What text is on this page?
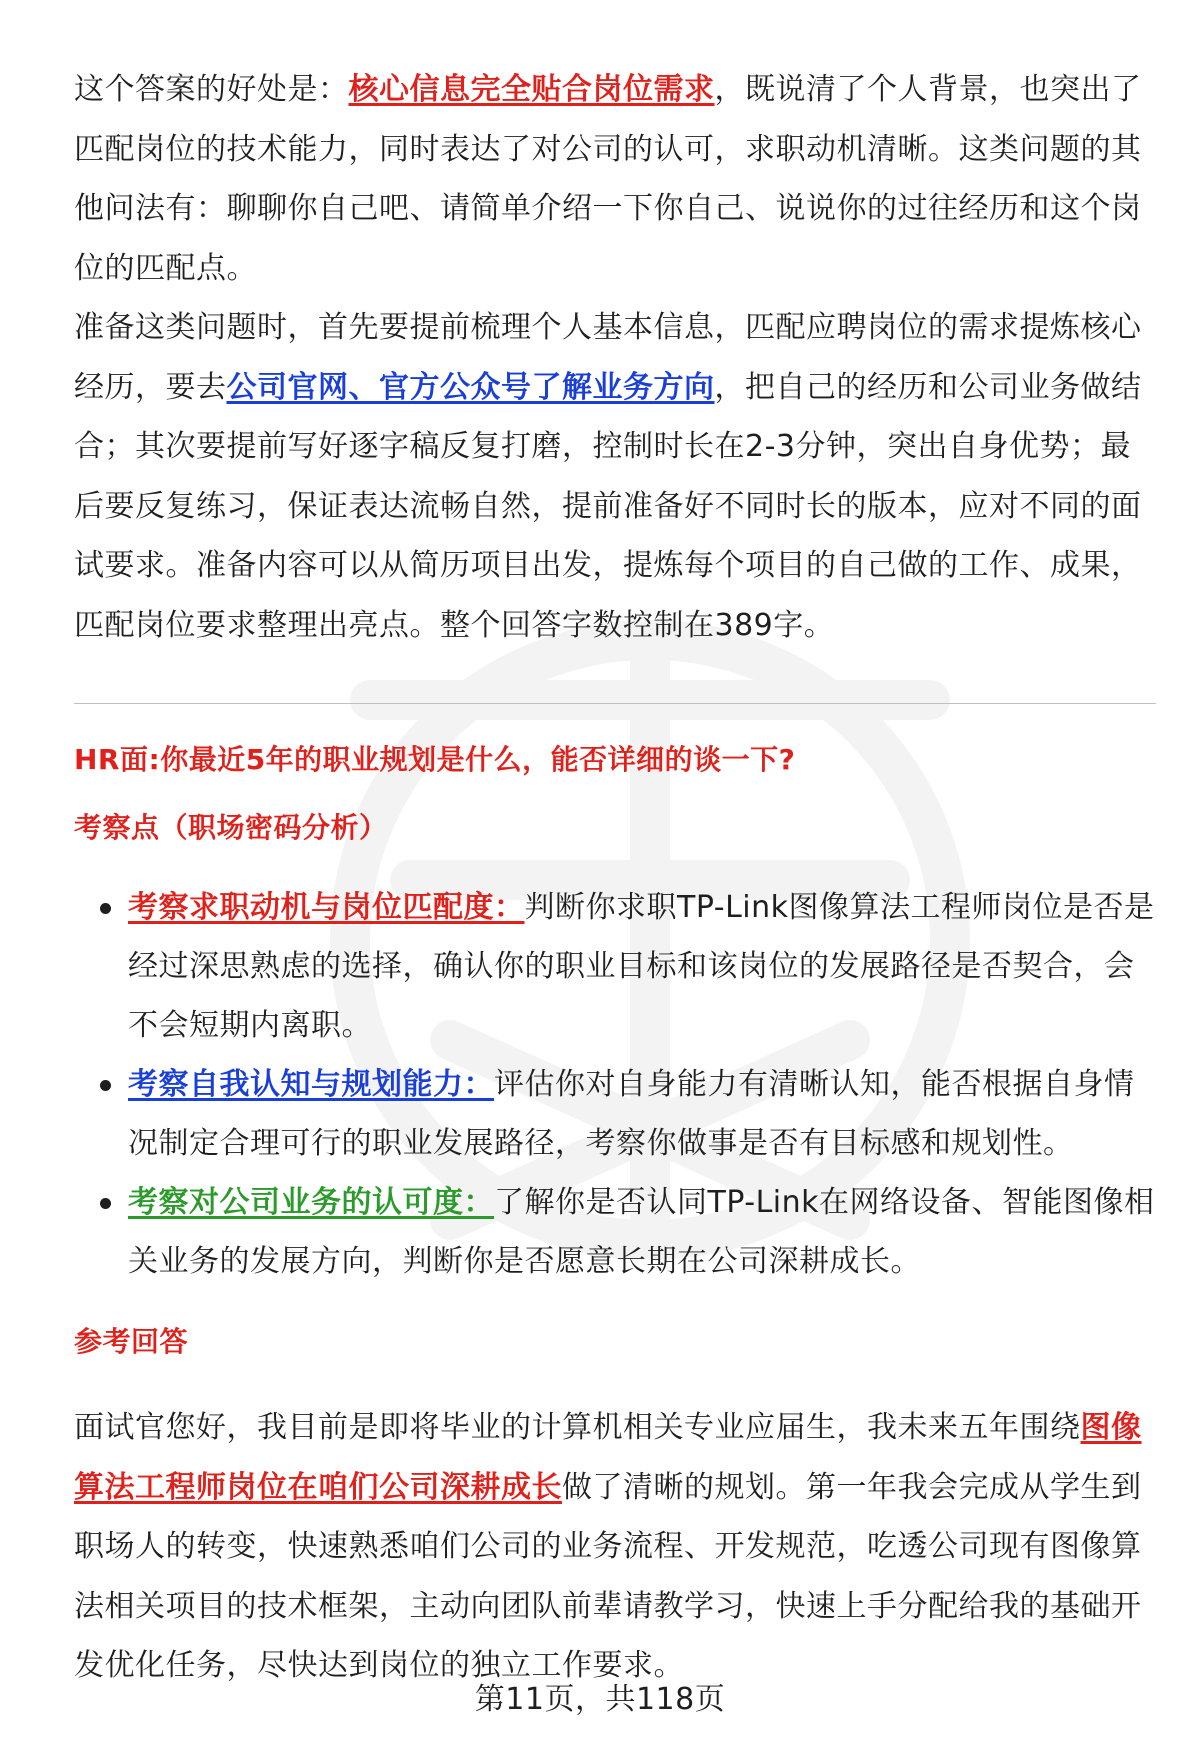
这个答案的好处是：核心信息完全贴合岗位需求，既说清了个人背景，也突出了匹配岗位的技术能力，同时表达了对公司的认可，求职动机清晰。这类问题的其他问法有：聊聊你自己吧、请简单介绍一下你自己、说说你的过往经历和这个岗位的匹配点。

准备这类问题时，首先要提前梳理个人基本信息，匹配应聘岗位的需求提炼核心经历，要去公司官网、官方公众号了解业务方向，把自己的经历和公司业务做结合；其次要提前写好逐字稿反复打磨，控制时长在2-3分钟，突出自身优势；最后要反复练习，保证表达流畅自然，提前准备好不同时长的版本，应对不同的面试要求。准备内容可以从简历项目出发，提炼每个项目的自己做的工作、成果，匹配岗位要求整理出亮点。整个回答字数控制在389字。

HR面:你最近5年的职业规划是什么，能否详细的谈一下?
考察点（职场密码分析）
考察求职动机与岗位匹配度：判断你求职TP-Link图像算法工程师岗位是否是经过深思熟虑的选择，确认你的职业目标和该岗位的发展路径是否契合，会不会短期内离职。
考察自我认知与规划能力：评估你对自身能力有清晰认知，能否根据自身情况制定合理可行的职业发展路径，考察你做事是否有目标感和规划性。
考察对公司业务的认可度：了解你是否认同TP-Link在网络设备、智能图像相关业务的发展方向，判断你是否愿意长期在公司深耕成长。
参考回答

面试官您好，我目前是即将毕业的计算机相关专业应届生，我未来五年围绕图像算法工程师岗位在咱们公司深耕成长做了清晰的规划。第一年我会完成从学生到职场人的转变，快速熟悉咱们公司的业务流程、开发规范，吃透公司现有图像算法相关项目的技术框架，主动向团队前辈请教学习，快速上手分配给我的基础开发优化任务，尽快达到岗位的独立工作要求。

第11页，共118页
